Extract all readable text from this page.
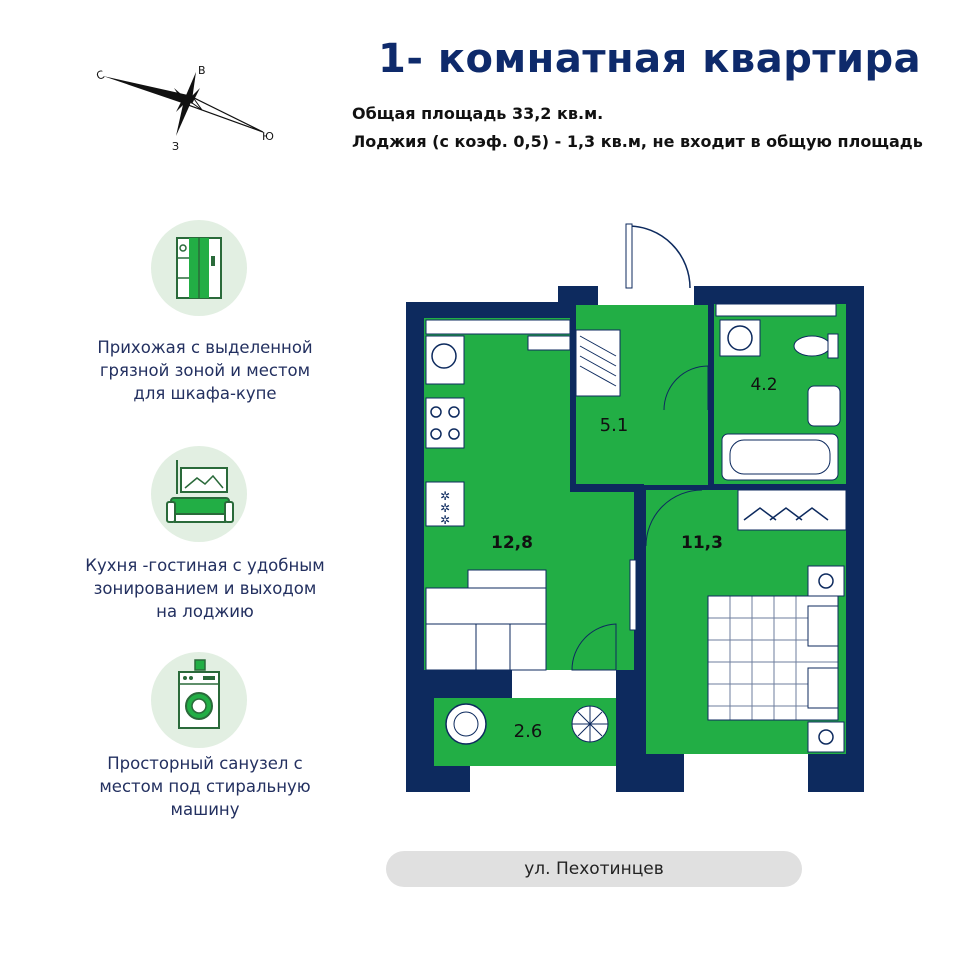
1- комнатная квартира
Общая площадь 33,2 кв.м.
Лоджия (с коэф. 0,5) - 1,3 кв.м, не входит в общую площадь
С	В
Ю
З
Прихожая с выделенной
грязной зоной и местом
для шкафа-купе
Кухня -гостиная с удобным
зонированием и выходом
на лоджию
Просторный санузел с
местом под стиральную
машину
✲
✲
✲
12,8
5.1
4.2
11,3
2.6
ул. Пехотинцев
